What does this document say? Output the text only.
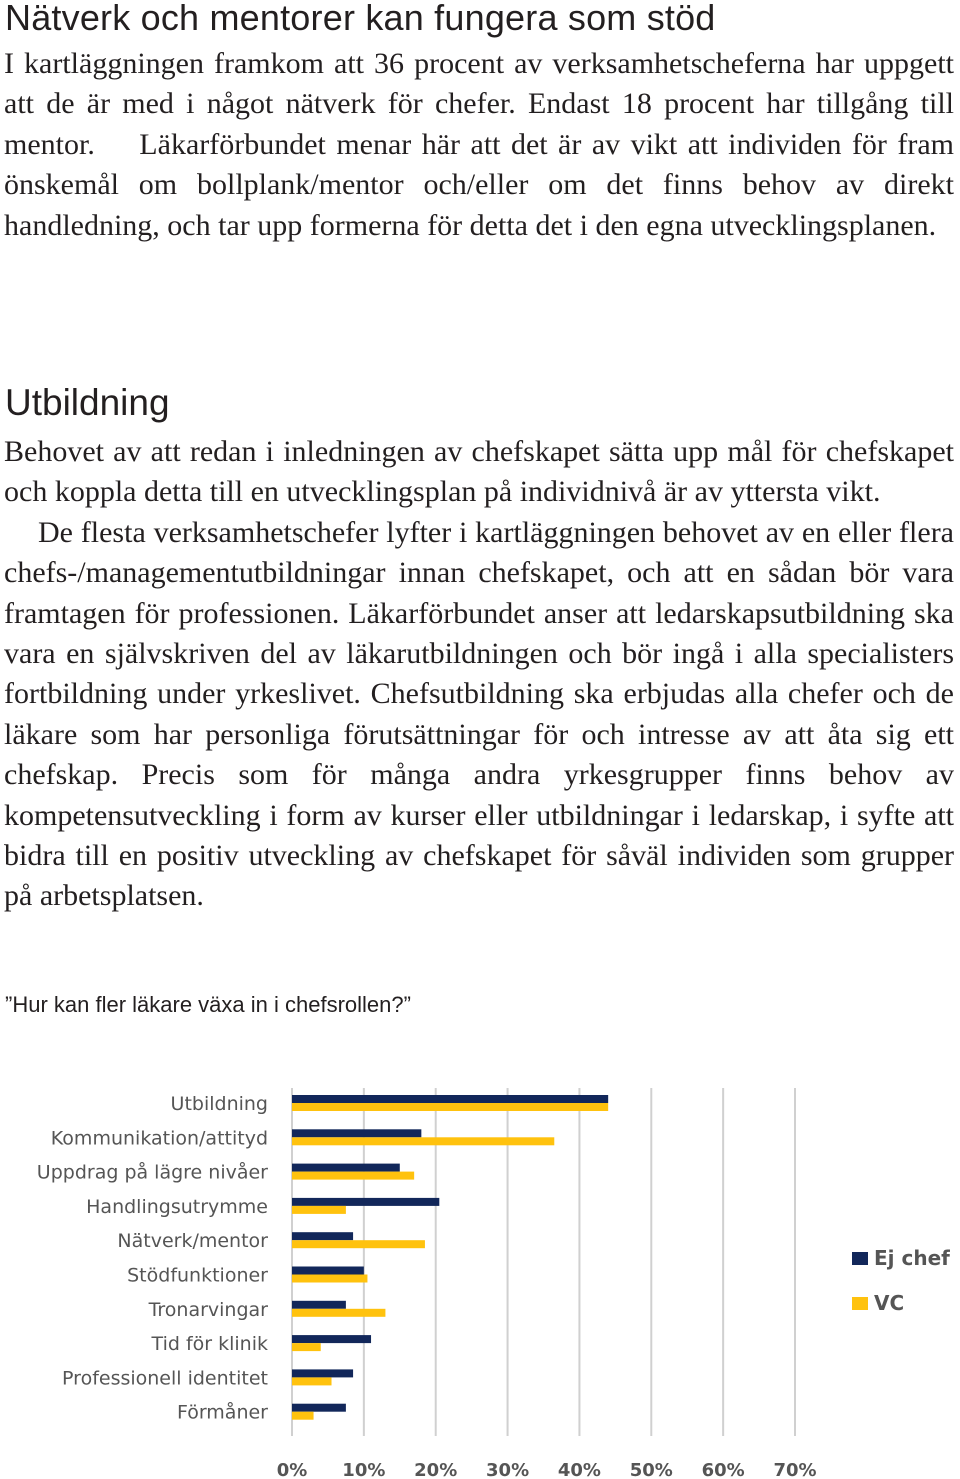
Nätverk och mentorer kan fungera som stöd

I kartläggningen framkom att 36 procent av verksamhetscheferna har uppgett att de är med i något nätverk för chefer. Endast 18 procent har tillgång till mentor. Läkarförbundet menar här att det är av vikt att individen för fram önskemål om bollplank/mentor och/eller om det finns behov av direkt handledning, och tar upp formerna för detta det i den egna utvecklingsplanen.

Utbildning

Behovet av att redan i inledningen av chefskapet sätta upp mål för chefskapet och koppla detta till en utvecklingsplan på individnivå är av yttersta vikt.
De flesta verksamhetschefer lyfter i kartläggningen behovet av en eller flera chefs-/managementutbildningar innan chefskapet, och att en sådan bör vara framtagen för professionen. Läkarförbundet anser att ledarskapsutbildning ska vara en självskriven del av läkarutbildningen och bör ingå i alla specialisters fortbildning under yrkeslivet. Chefsutbildning ska erbjudas alla chefer och de läkare som har personliga förutsättningar för och intresse av att åta sig ett chefskap. Precis som för många andra yrkesgrupper finns behov av kompetensutveckling i form av kurser eller utbildningar i ledarskap, i syfte att bidra till en positiv utveckling av chefskapet för såväl individen som grupper på arbetsplatsen.

”Hur kan fler läkare växa in i chefsrollen?”
0% 10% 20% 30% 40% 50% 60% 70%
Utbildning
Kommunikation/attityd
Uppdrag på lägre nivåer
Handlingsutrymme
Nätverk/mentor
Stödfunktioner
Tronarvingar
Tid för klinik
Professionell identitet
Förmåner
Ej chef
VC
